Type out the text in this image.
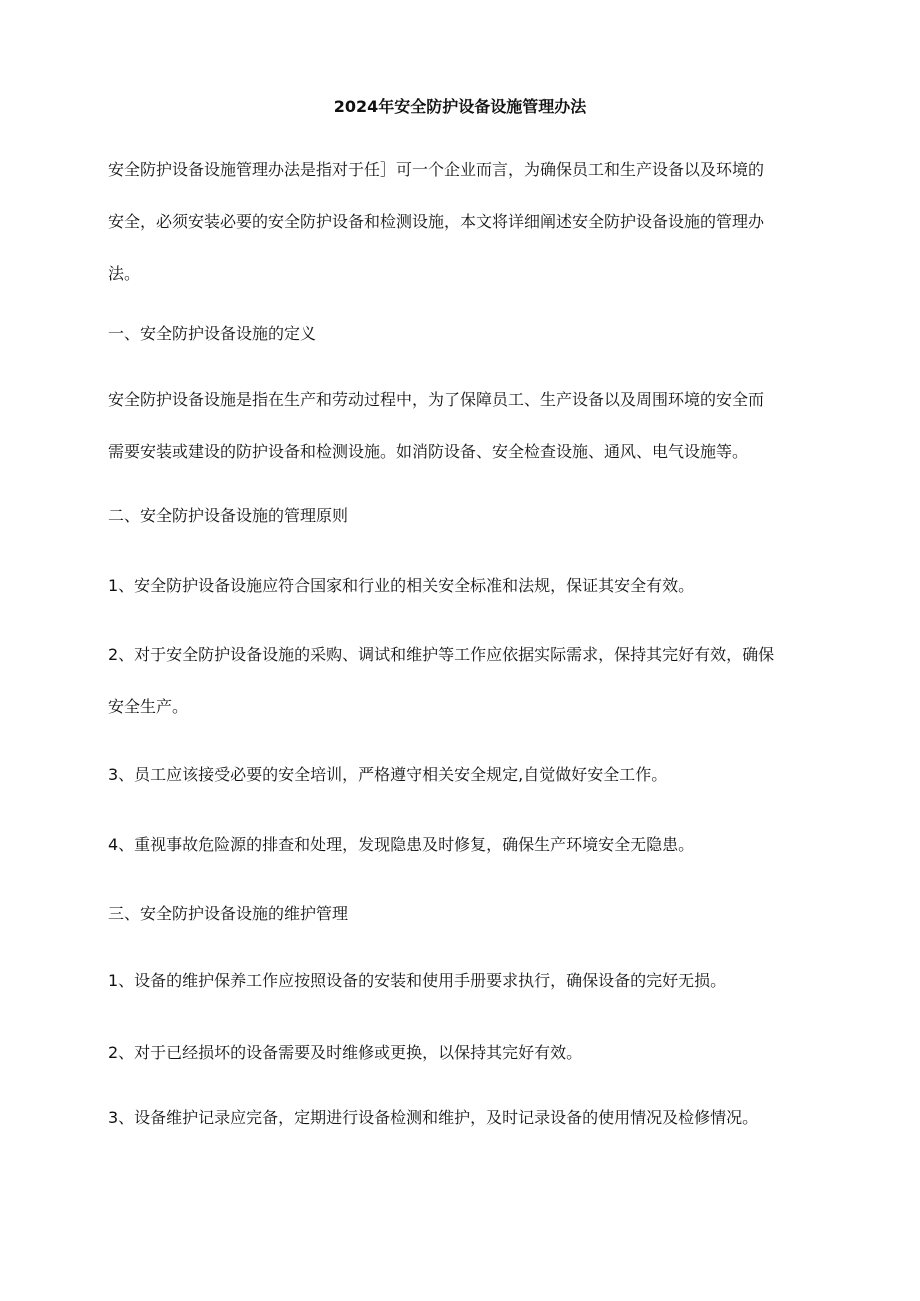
2024年安全防护设备设施管理办法

安全防护设备设施管理办法是指对于任］可一个企业而言，为确保员工和生产设备以及环境的
安全，必须安装必要的安全防护设备和检测设施，本文将详细阐述安全防护设备设施的管理办
法。

一、安全防护设备设施的定义

安全防护设备设施是指在生产和劳动过程中，为了保障员工、生产设备以及周围环境的安全而
需要安装或建设的防护设备和检测设施。如消防设备、安全检查设施、通风、电气设施等。

二、安全防护设备设施的管理原则

1、安全防护设备设施应符合国家和行业的相关安全标准和法规，保证其安全有效。

2、对于安全防护设备设施的采购、调试和维护等工作应依据实际需求，保持其完好有效，确保
安全生产。

3、员工应该接受必要的安全培训，严格遵守相关安全规定,自觉做好安全工作。

4、重视事故危险源的排查和处理，发现隐患及时修复，确保生产环境安全无隐患。

三、安全防护设备设施的维护管理

1、设备的维护保养工作应按照设备的安装和使用手册要求执行，确保设备的完好无损。

2、对于已经损坏的设备需要及时维修或更换，以保持其完好有效。

3、设备维护记录应完备，定期进行设备检测和维护，及时记录设备的使用情况及检修情况。
